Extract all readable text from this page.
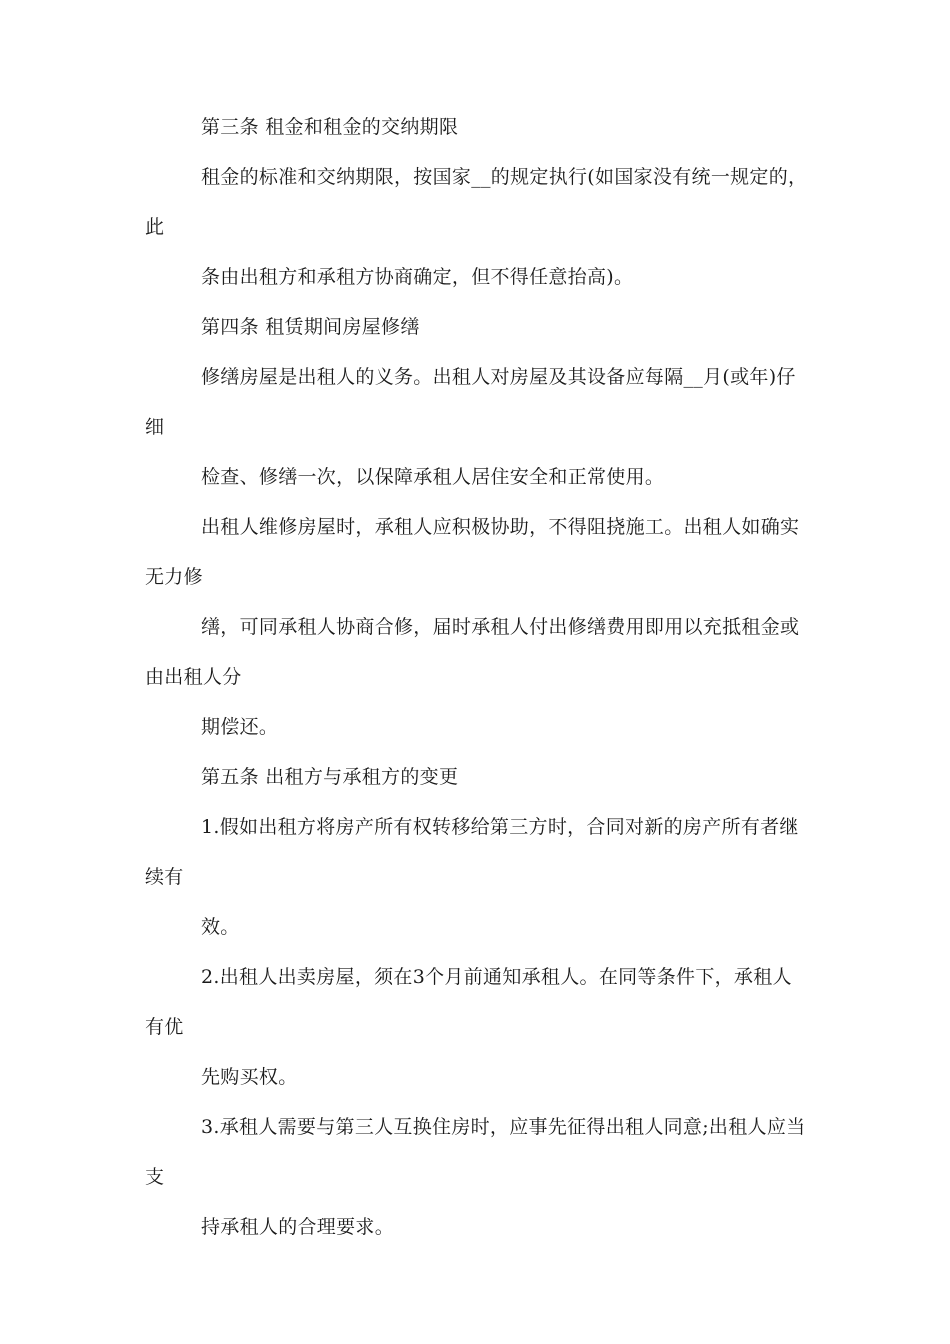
第三条 租金和租金的交纳期限
租金的标准和交纳期限，按国家__的规定执行(如国家没有统一规定的，
此
条由出租方和承租方协商确定，但不得任意抬高)。
第四条 租赁期间房屋修缮
修缮房屋是出租人的义务。出租人对房屋及其设备应每隔__月(或年)仔
细
检查、修缮一次，以保障承租人居住安全和正常使用。
出租人维修房屋时，承租人应积极协助，不得阻挠施工。出租人如确实
无力修
缮，可同承租人协商合修，届时承租人付出修缮费用即用以充抵租金或
由出租人分
期偿还。
第五条 出租方与承租方的变更
1.假如出租方将房产所有权转移给第三方时，合同对新的房产所有者继
续有
效。
2.出租人出卖房屋，须在3个月前通知承租人。在同等条件下，承租人
有优
先购买权。
3.承租人需要与第三人互换住房时，应事先征得出租人同意;出租人应当
支
持承租人的合理要求。
